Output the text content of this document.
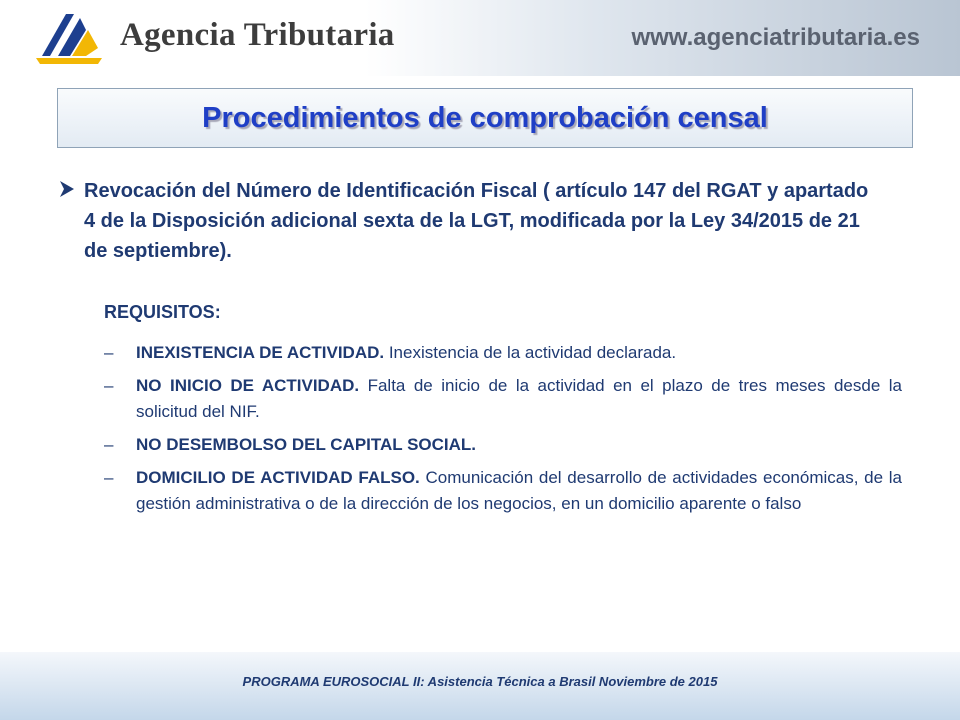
Agencia Tributaria	www.agenciatributaria.es
Procedimientos de comprobación censal
Revocación del Número de Identificación Fiscal ( artículo 147 del RGAT y apartado 4 de la Disposición adicional sexta de la LGT, modificada por la Ley 34/2015 de 21 de septiembre).
REQUISITOS:
– INEXISTENCIA DE ACTIVIDAD. Inexistencia de la actividad declarada.
– NO INICIO DE ACTIVIDAD. Falta de inicio de la actividad en el plazo de tres meses desde la solicitud del NIF.
– NO DESEMBOLSO DEL CAPITAL SOCIAL.
– DOMICILIO DE ACTIVIDAD FALSO. Comunicación del desarrollo de actividades económicas, de la gestión administrativa o de la dirección de los negocios, en un domicilio aparente o falso
PROGRAMA EUROSOCIAL II: Asistencia Técnica a Brasil Noviembre de 2015
